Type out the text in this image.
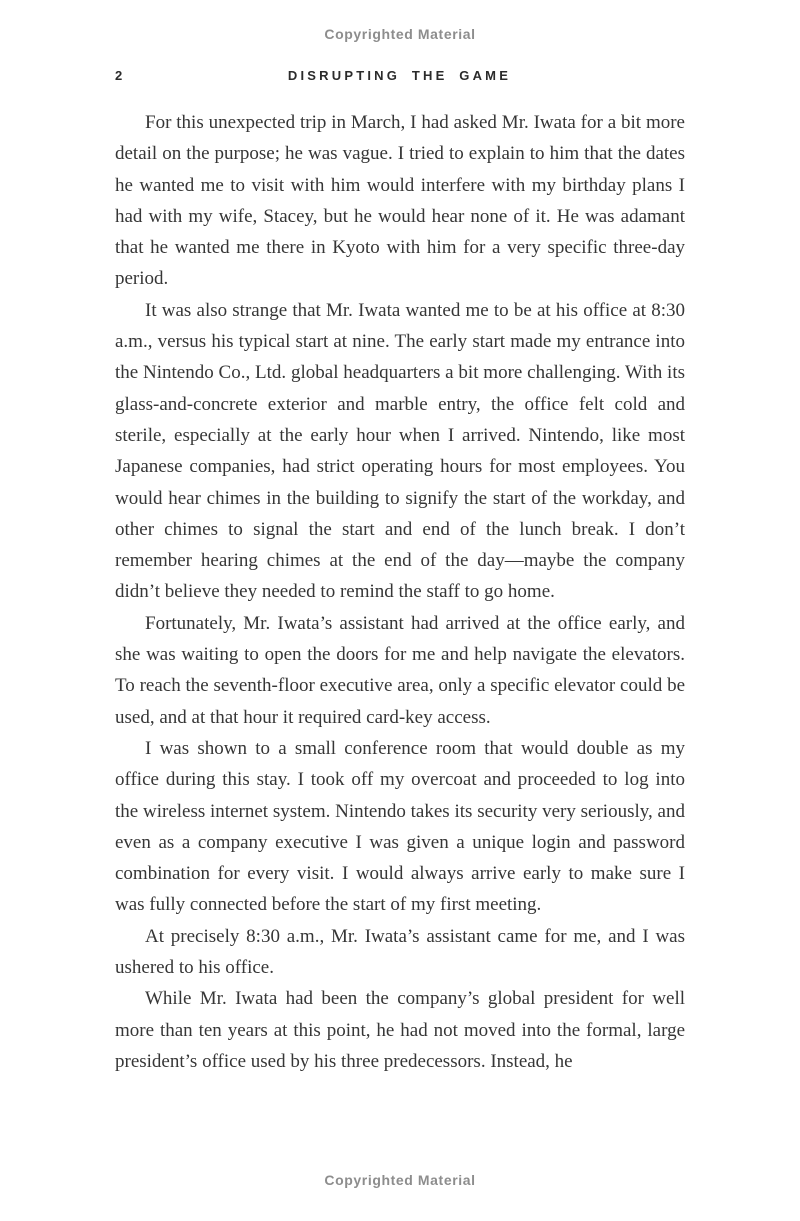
Copyrighted Material
2	DISRUPTING THE GAME

For this unexpected trip in March, I had asked Mr. Iwata for a bit more detail on the purpose; he was vague. I tried to explain to him that the dates he wanted me to visit with him would interfere with my birthday plans I had with my wife, Stacey, but he would hear none of it. He was adamant that he wanted me there in Kyoto with him for a very specific three-day period.

It was also strange that Mr. Iwata wanted me to be at his office at 8:30 a.m., versus his typical start at nine. The early start made my entrance into the Nintendo Co., Ltd. global headquarters a bit more challenging. With its glass-and-concrete exterior and marble entry, the office felt cold and sterile, especially at the early hour when I arrived. Nintendo, like most Japanese companies, had strict operating hours for most employees. You would hear chimes in the building to signify the start of the workday, and other chimes to signal the start and end of the lunch break. I don’t remember hearing chimes at the end of the day—maybe the company didn’t believe they needed to remind the staff to go home.

Fortunately, Mr. Iwata’s assistant had arrived at the office early, and she was waiting to open the doors for me and help navigate the elevators. To reach the seventh-floor executive area, only a specific elevator could be used, and at that hour it required card-key access.

I was shown to a small conference room that would double as my office during this stay. I took off my overcoat and proceeded to log into the wireless internet system. Nintendo takes its security very seriously, and even as a company executive I was given a unique login and password combination for every visit. I would always arrive early to make sure I was fully connected before the start of my first meeting.

At precisely 8:30 a.m., Mr. Iwata’s assistant came for me, and I was ushered to his office.

While Mr. Iwata had been the company’s global president for well more than ten years at this point, he had not moved into the formal, large president’s office used by his three predecessors. Instead, he

Copyrighted Material
